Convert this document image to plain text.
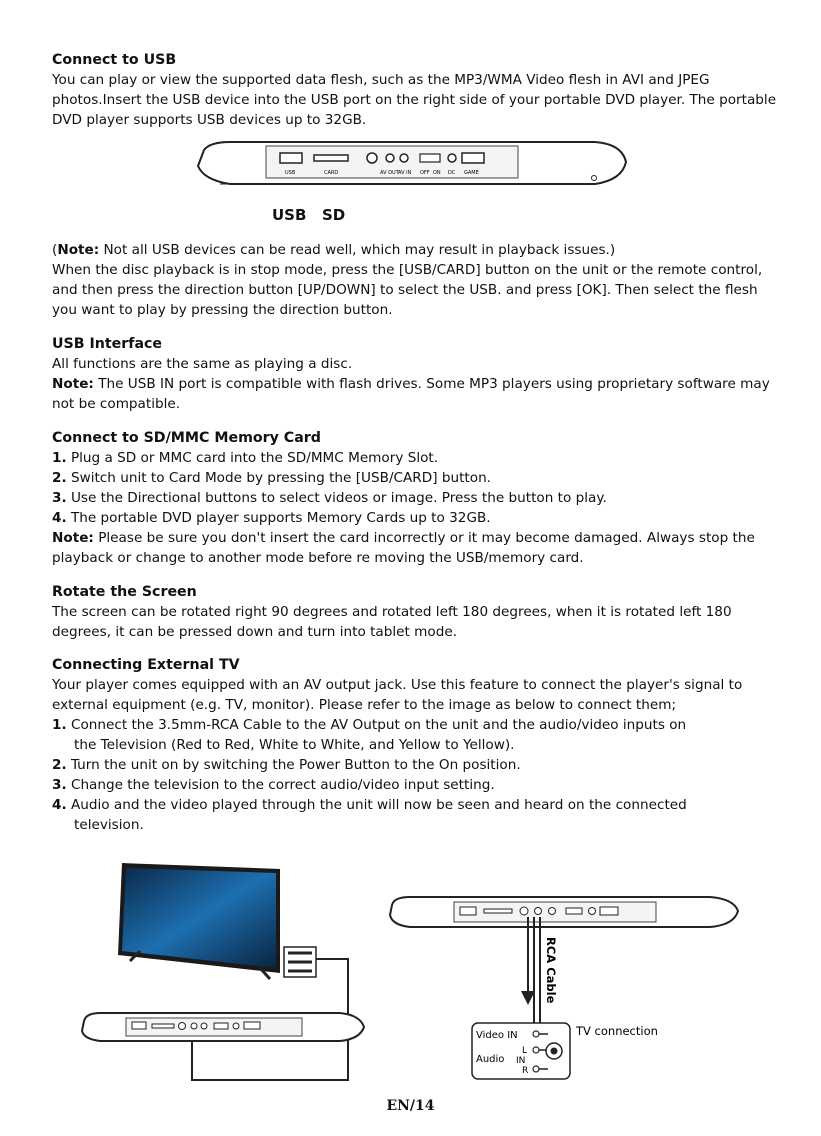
Connect to USB

You can play or view the supported data flesh, such as the MP3/WMA Video flesh in AVI and JPEG photos.Insert the USB device into the USB port on the right side of your portable DVD player. The portable DVD player supports USB devices up to 32GB.

USB	CARD	AV OUT AV IN OFF ON DC GAME
USB SD

(Note: Not all USB devices can be read well, which may result in playback issues.)

When the disc playback is in stop mode, press the [USB/CARD] button on the unit or the remote control, and then press the direction button [UP/DOWN] to select the USB. and press [OK]. Then select the flesh you want to play by pressing the direction button.

USB Interface

All functions are the same as playing a disc.

Note: The USB IN port is compatible with flash drives. Some MP3 players using proprietary software may not be compatible.

Connect to SD/MMC Memory Card

1. Plug a SD or MMC card into the SD/MMC Memory Slot.

2. Switch unit to Card Mode by pressing the [USB/CARD] button.

3. Use the Directional buttons to select videos or image. Press the button to play.

4. The portable DVD player supports Memory Cards up to 32GB.

Note: Please be sure you don't insert the card incorrectly or it may become damaged. Always stop the playback or change to another mode before re moving the USB/memory card.

Rotate the Screen

The screen can be rotated right 90 degrees and rotated left 180 degrees, when it is rotated left 180 degrees, it can be pressed down and turn into tablet mode.

Connecting External TV

Your player comes equipped with an AV output jack. Use this feature to connect the player's signal to external equipment (e.g. TV, monitor). Please refer to the image as below to connect them;

1. Connect the 3.5mm-RCA Cable to the AV Output on the unit and the audio/video inputs on

the Television (Red to Red, White to White, and Yellow to Yellow).

2. Turn the unit on by switching the Power Button to the On position.

3. Change the television to the correct audio/video input setting.

4. Audio and the video played through the unit will now be seen and heard on the connected

television.

Video IN
Audio
L
IN
R
TV connection
RCA Cable
EN/14
